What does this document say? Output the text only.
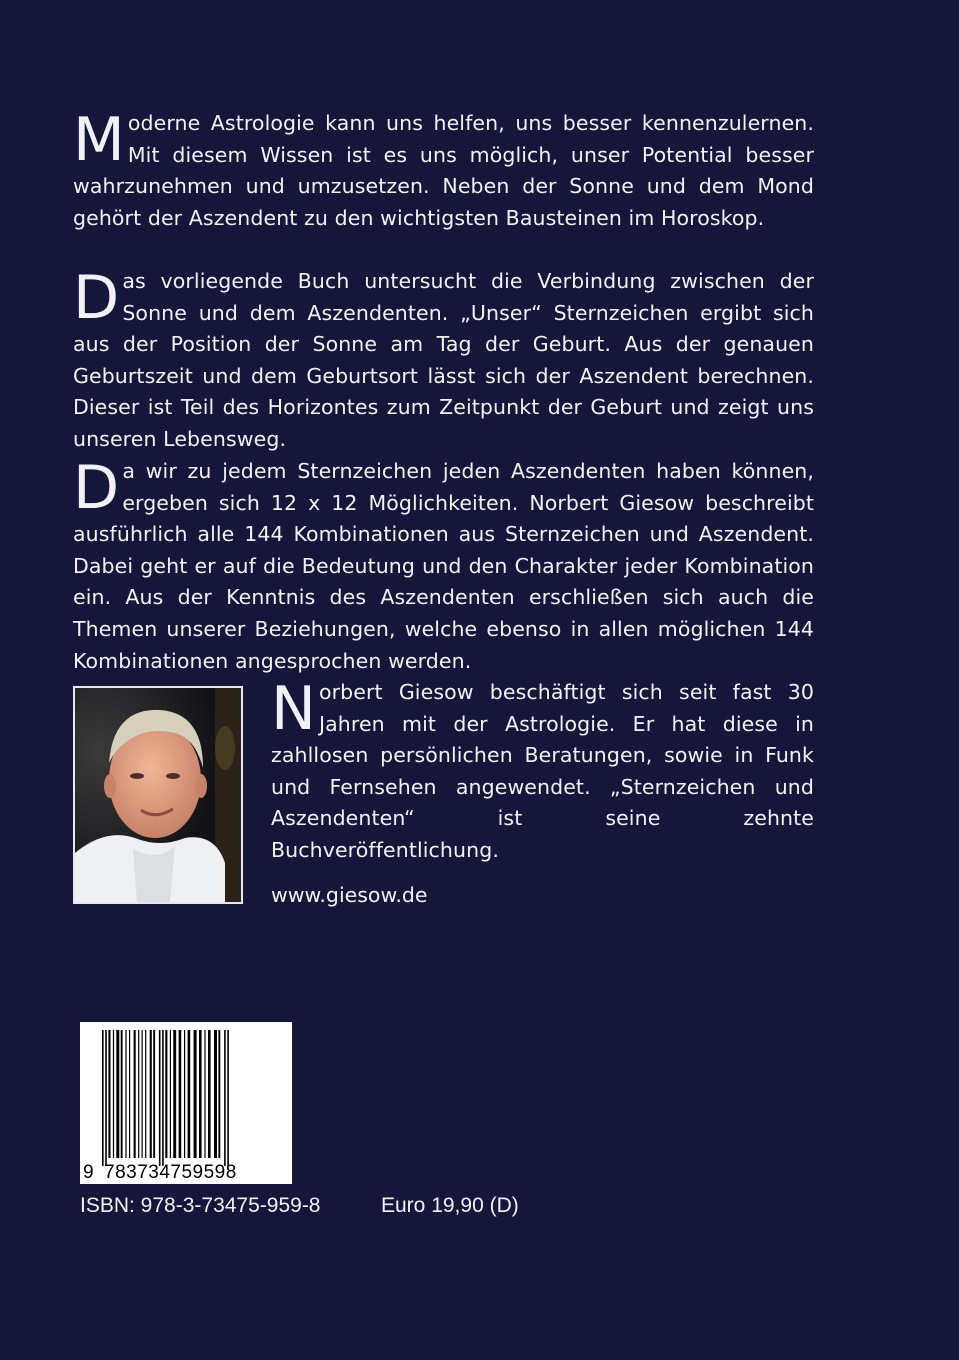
Moderne Astrologie kann uns helfen, uns besser kennenzulernen. Mit diesem Wissen ist es uns möglich, unser Potential besser wahrzunehmen und umzusetzen. Neben der Sonne und dem Mond gehört der Aszendent zu den wichtigsten Bausteinen im Horoskop.
Das vorliegende Buch untersucht die Verbindung zwischen der Sonne und dem Aszendenten. „Unser“ Sternzeichen ergibt sich aus der Position der Sonne am Tag der Geburt. Aus der genauen Geburtszeit und dem Geburtsort lässt sich der Aszendent berechnen. Dieser ist Teil des Horizontes zum Zeitpunkt der Geburt und zeigt uns unseren Lebensweg.
Da wir zu jedem Sternzeichen jeden Aszendenten haben können, ergeben sich 12 x 12 Möglichkeiten. Norbert Giesow beschreibt ausführlich alle 144 Kombinationen aus Sternzeichen und Aszendent. Dabei geht er auf die Bedeutung und den Charakter jeder Kombination ein. Aus der Kenntnis des Aszendenten erschließen sich auch die Themen unserer Beziehungen, welche ebenso in allen möglichen 144 Kombinationen angesprochen werden.
Norbert Giesow beschäftigt sich seit fast 30 Jahren mit der Astrologie. Er hat diese in zahllosen persönlichen Beratungen, sowie in Funk und Fernsehen angewendet. „Sternzeichen und Aszendenten“ ist seine zehnte Buchveröffentlichung.
www.giesow.de
9 783734759598
ISBN: 978-3-73475-959-8	Euro 19,90 (D)
